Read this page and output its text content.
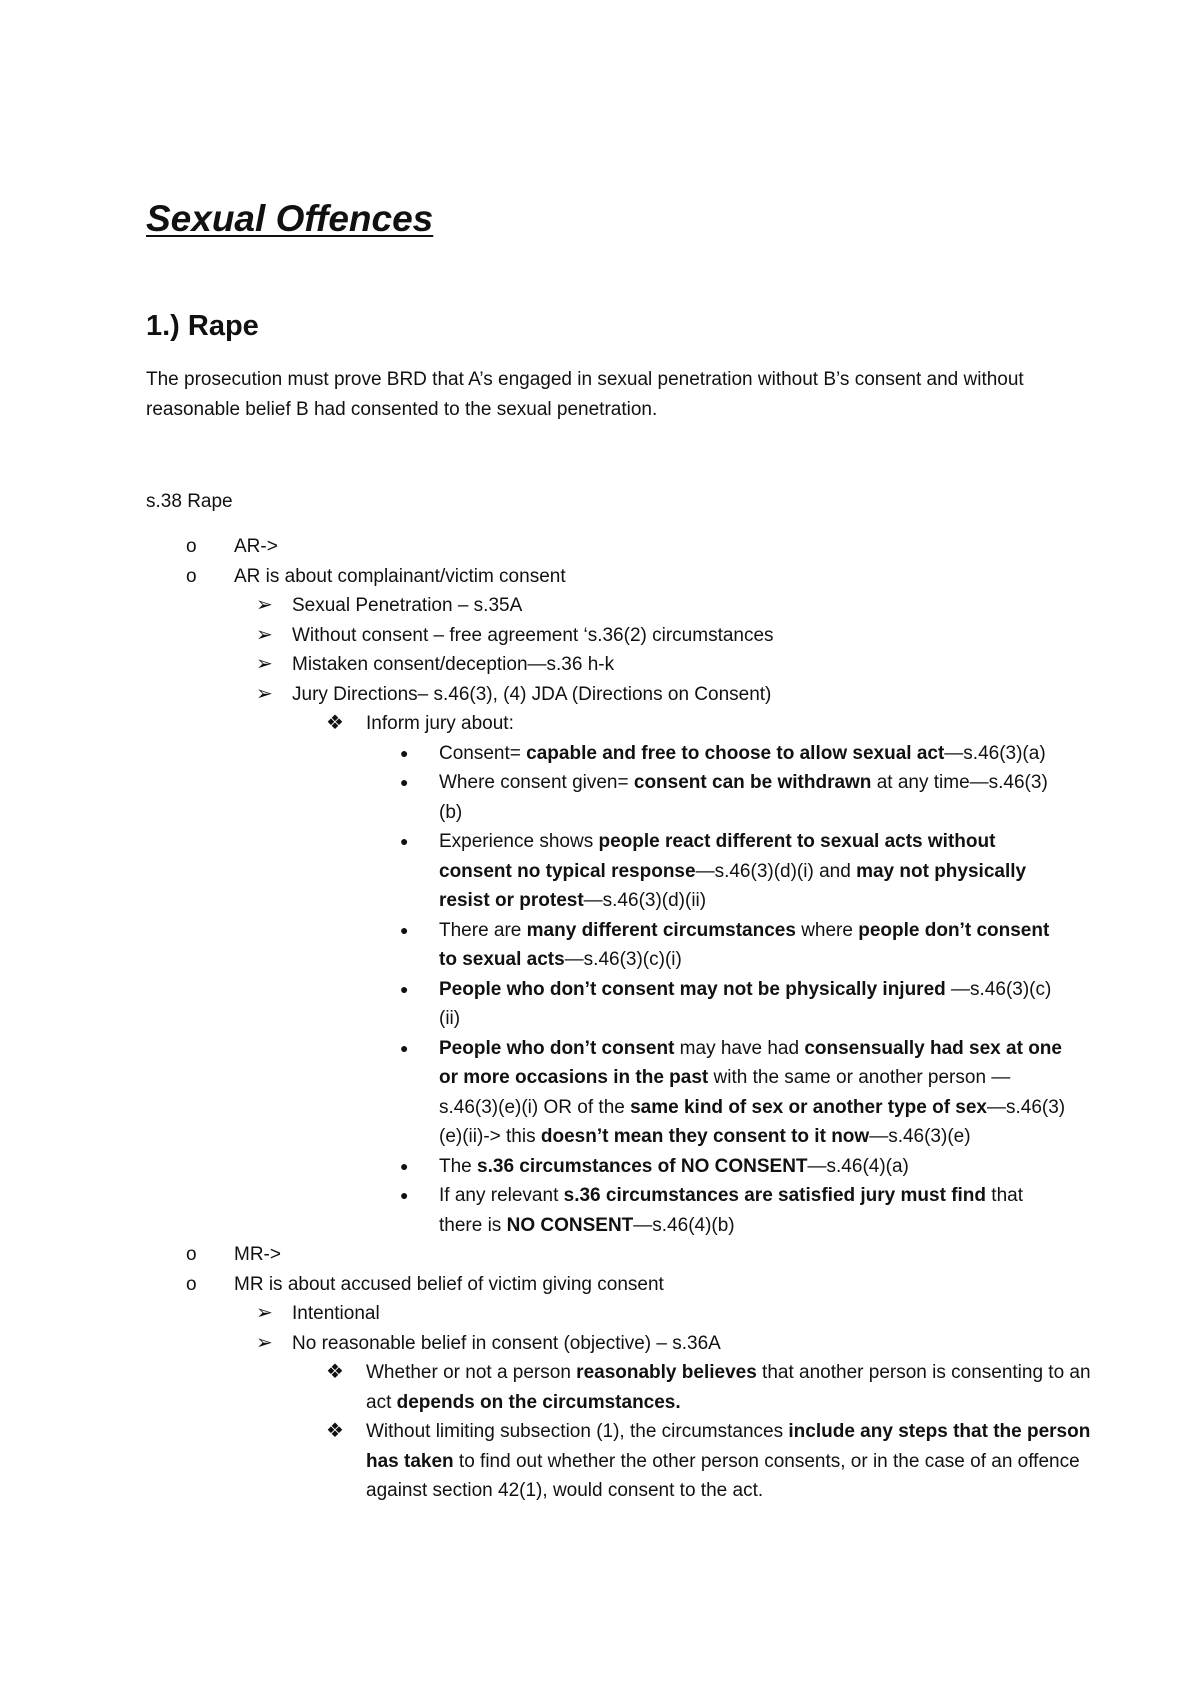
Sexual Offences
1.) Rape

The prosecution must prove BRD that A’s engaged in sexual penetration without B’s consent and without reasonable belief B had consented to the sexual penetration.

s.38 Rape

o AR->
o AR is about complainant/victim consent
➢ Sexual Penetration – s.35A
➢ Without consent – free agreement ‘s.36(2) circumstances
➢ Mistaken consent/deception—s.36 h-k
➢ Jury Directions– s.46(3), (4) JDA (Directions on Consent)
❖ Inform jury about:
● Consent= capable and free to choose to allow sexual act—s.46(3)(a)
● Where consent given= consent can be withdrawn at any time—s.46(3) (b)
● Experience shows people react different to sexual acts without consent no typical response—s.46(3)(d)(i) and may not physically resist or protest—s.46(3)(d)(ii)
● There are many different circumstances where people don’t consent to sexual acts—s.46(3)(c)(i)
● People who don’t consent may not be physically injured —s.46(3)(c)(ii)
● People who don’t consent may have had consensually had sex at one or more occasions in the past with the same or another person —s.46(3)(e)(i) OR of the same kind of sex or another type of sex—s.46(3)(e)(ii)-> this doesn’t mean they consent to it now—s.46(3)(e)
● The s.36 circumstances of NO CONSENT—s.46(4)(a)
● If any relevant s.36 circumstances are satisfied jury must find that there is NO CONSENT—s.46(4)(b)
o MR->
o MR is about accused belief of victim giving consent
➢ Intentional
➢ No reasonable belief in consent (objective) – s.36A
❖ Whether or not a person reasonably believes that another person is consenting to an act depends on the circumstances.
❖ Without limiting subsection (1), the circumstances include any steps that the person has taken to find out whether the other person consents, or in the case of an offence against section 42(1), would consent to the act.
